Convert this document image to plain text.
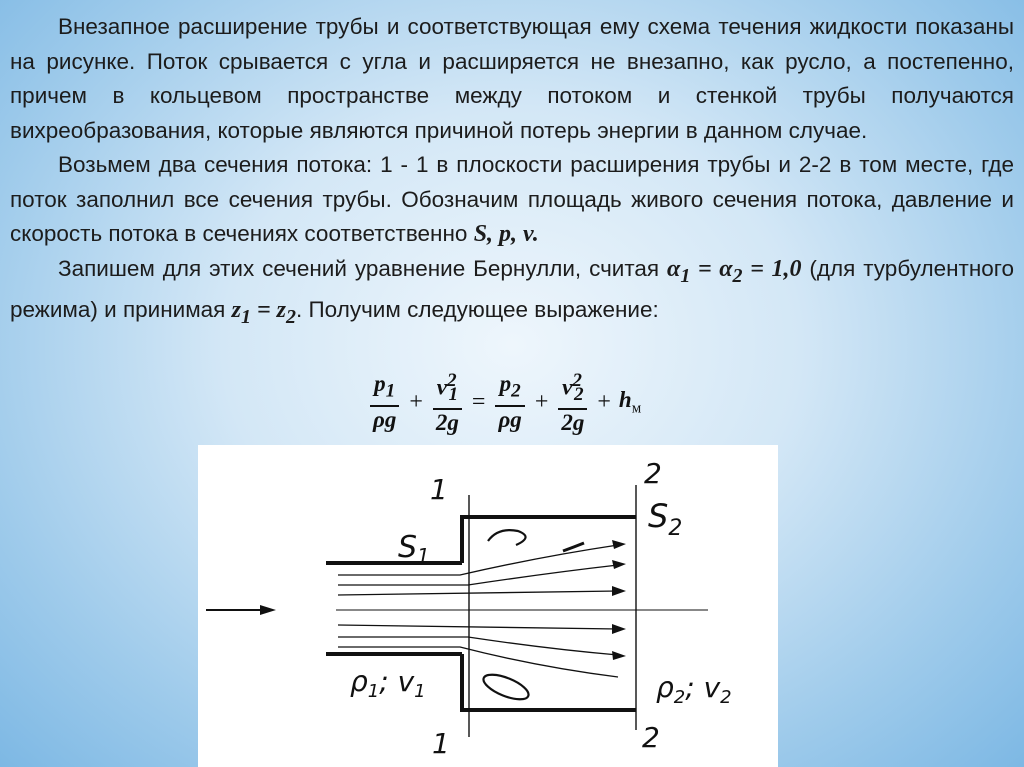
Внезапное расширение трубы и соответствующая ему схема течения жидкости показаны на рисунке. Поток срывается с угла и расширяется не внезапно, как русло, а постепенно, причем в кольцевом пространстве между потоком и стенкой трубы получаются вихреобразования, которые являются причиной потерь энергии в данном случае.

Возьмем два сечения потока: 1 - 1 в плоскости расширения трубы и 2-2 в том месте, где поток заполнил все сечения трубы. Обозначим площадь живого сечения потока, давление и скорость потока в сечениях соответственно S, p, v.

Запишем для этих сечений уравнение Бернулли, считая $\alpha_1 = \alpha_2 = 1,0$ (для турбулентного режима) и принимая $z_1 = z_2$. Получим следующее выражение:

$\frac{p_1}{\rho g} + \frac{v^2_1}{2g} = \frac{p_2}{\rho g} + \frac{v^2_2}{2g} + h_м$
1
1
2
2
$S_1$
$S_2$
$\rho_1$; $v_1$	$\rho_2$; $v_2$
